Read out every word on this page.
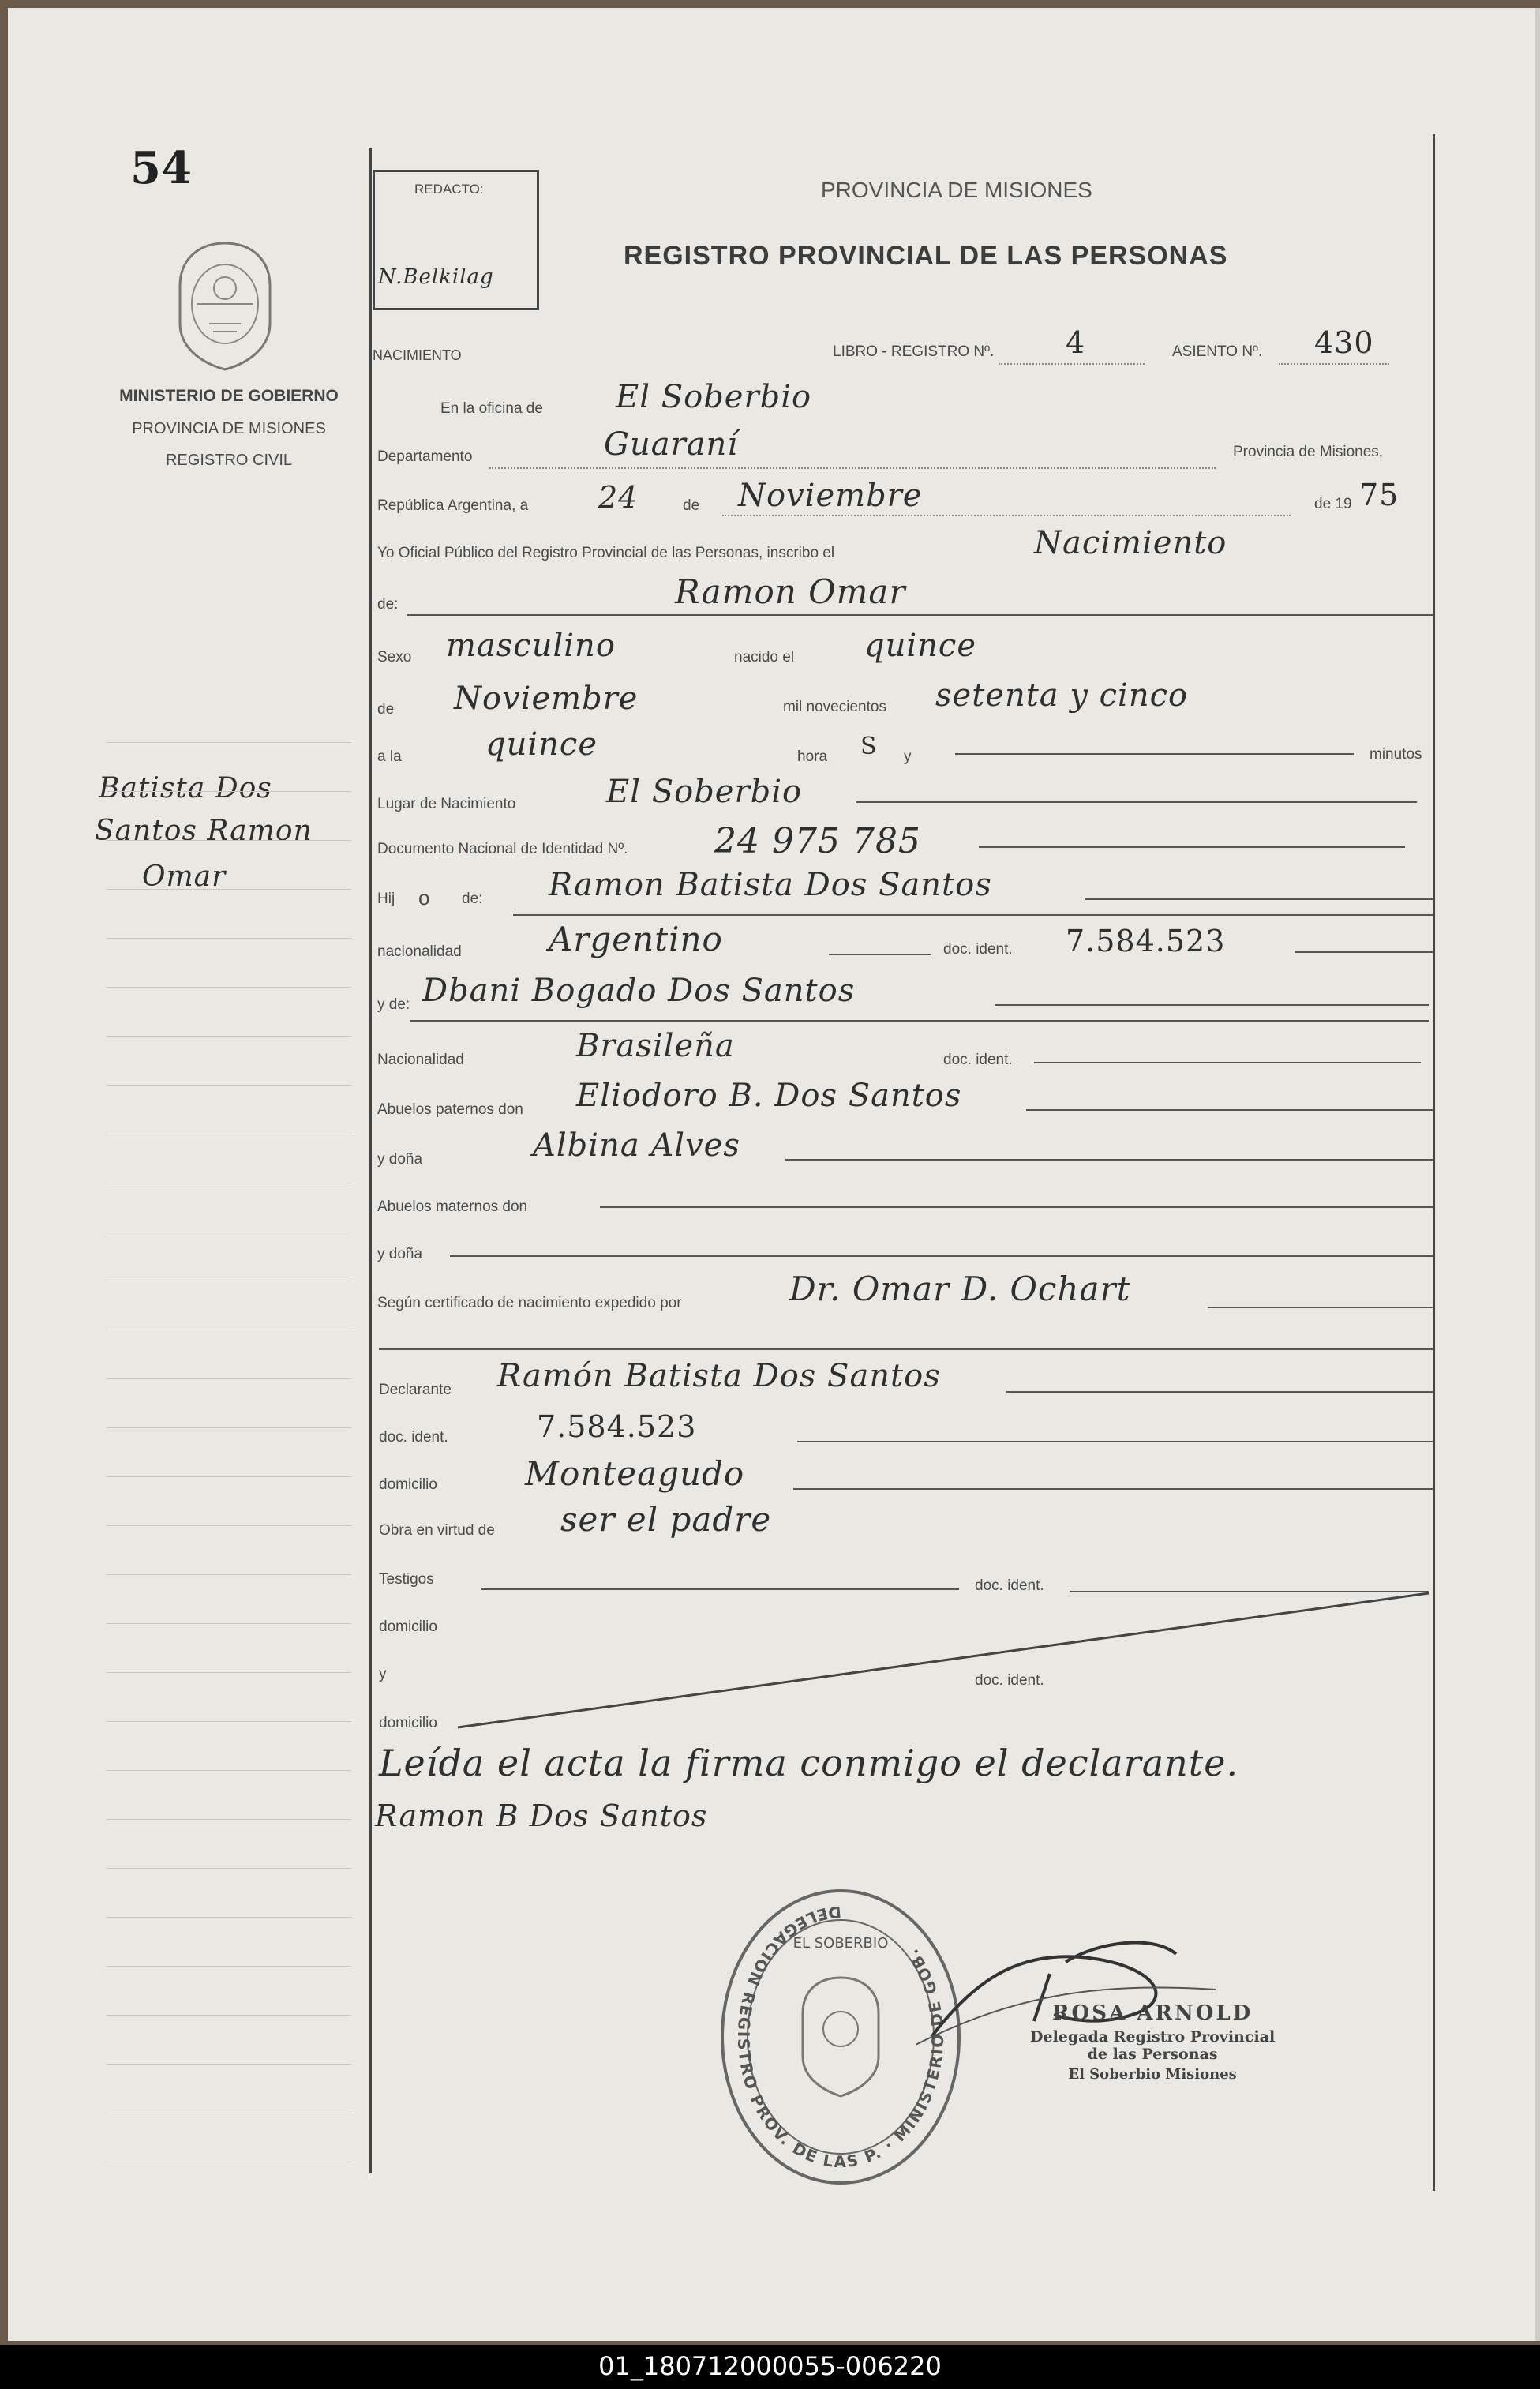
54
MINISTERIO DE GOBIERNO
PROVINCIA DE MISIONES
REGISTRO CIVIL
Batista Dos
Santos Ramon
Omar
REDACTO:
N.Belkilag
PROVINCIA DE MISIONES
REGISTRO PROVINCIAL DE LAS PERSONAS
NACIMIENTO	LIBRO - REGISTRO Nº. 4	ASIENTO Nº. 430
En la oficina de El Soberbio
Departamento	Guaraní	Provincia de Misiones,
República Argentina, a 24	de Noviembre	de 19 75
Yo Oficial Público del Registro Provincial de las Personas, inscribo el	Nacimiento
de:	Ramon Omar
Sexo masculino	nacido el quince
de Noviembre	mil novecientos setenta y cinco
a la	quince	hora S y	minutos
Lugar de Nacimiento	El Soberbio
Documento Nacional de Identidad Nº. 24 975 785
Hij o de: Ramon Batista Dos Santos
nacionalidad	Argentino	doc. ident. 7.584.523
y de: Dbani Bogado Dos Santos
Nacionalidad	Brasileña	doc. ident.
Abuelos paternos don Eliodoro B. Dos Santos
y doña	Albina Alves
Abuelos maternos don
y doña
Según certificado de nacimiento expedido por	Dr. Omar D. Ochart
Declarante Ramón Batista Dos Santos
doc. ident.	7.584.523
domicilio	Monteagudo
Obra en virtud de ser el padre
Testigos	doc. ident.
domicilio
y	doc. ident.
domicilio
Leída el acta la firma conmigo el declarante.
Ramon B Dos Santos
DELEGACION REGISTRO PROV. DE LAS P. · MINISTERIO DE GOB.
EL SOBERBIO
ROSA ARNOLD
Delegada Registro Provincial
de las Personas
El Soberbio Misiones
01_180712000055-006220
